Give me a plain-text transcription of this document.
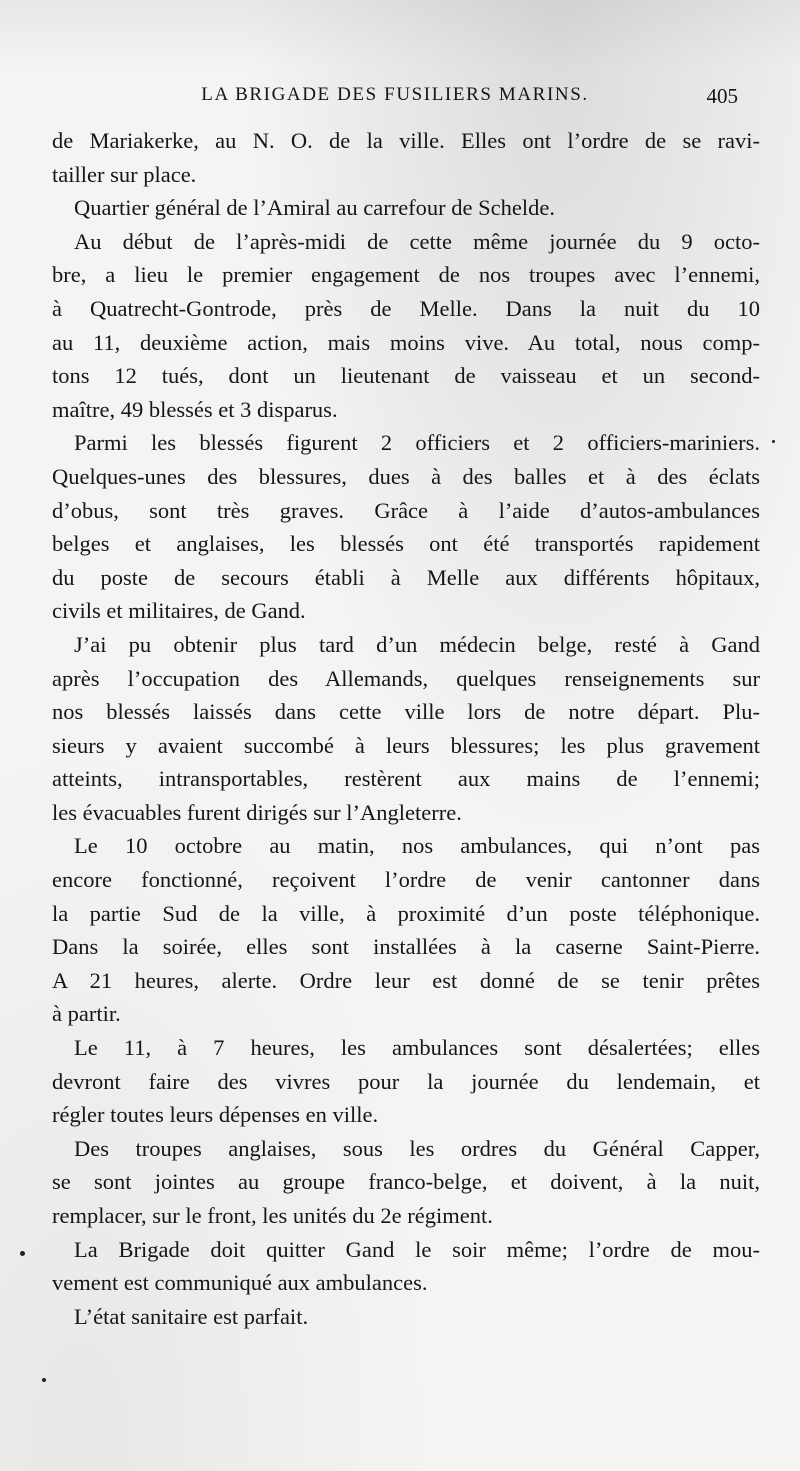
LA BRIGADE DES FUSILIERS MARINS.	405
de Mariakerke, au N. O. de la ville. Elles ont l’ordre de se ravi-
tailler sur place.
Quartier général de l’Amiral au carrefour de Schelde.
Au début de l’après-midi de cette même journée du 9 octo-
bre, a lieu le premier engagement de nos troupes avec l’ennemi,
à Quatrecht-Gontrode, près de Melle. Dans la nuit du 10
au 11, deuxième action, mais moins vive. Au total, nous comp-
tons 12 tués, dont un lieutenant de vaisseau et un second-
maître, 49 blessés et 3 disparus.
Parmi les blessés figurent 2 officiers et 2 officiers-mariniers.
Quelques-unes des blessures, dues à des balles et à des éclats
d’obus, sont très graves. Grâce à l’aide d’autos-ambulances
belges et anglaises, les blessés ont été transportés rapidement
du poste de secours établi à Melle aux différents hôpitaux,
civils et militaires, de Gand.
J’ai pu obtenir plus tard d’un médecin belge, resté à Gand
après l’occupation des Allemands, quelques renseignements sur
nos blessés laissés dans cette ville lors de notre départ. Plu-
sieurs y avaient succombé à leurs blessures; les plus gravement
atteints, intransportables, restèrent aux mains de l’ennemi;
les évacuables furent dirigés sur l’Angleterre.
Le 10 octobre au matin, nos ambulances, qui n’ont pas
encore fonctionné, reçoivent l’ordre de venir cantonner dans
la partie Sud de la ville, à proximité d’un poste téléphonique.
Dans la soirée, elles sont installées à la caserne Saint-Pierre.
A 21 heures, alerte. Ordre leur est donné de se tenir prêtes
à partir.
Le 11, à 7 heures, les ambulances sont désalertées; elles
devront faire des vivres pour la journée du lendemain, et
régler toutes leurs dépenses en ville.
Des troupes anglaises, sous les ordres du Général Capper,
se sont jointes au groupe franco-belge, et doivent, à la nuit,
remplacer, sur le front, les unités du 2e régiment.
La Brigade doit quitter Gand le soir même; l’ordre de mou-
vement est communiqué aux ambulances.
L’état sanitaire est parfait.
